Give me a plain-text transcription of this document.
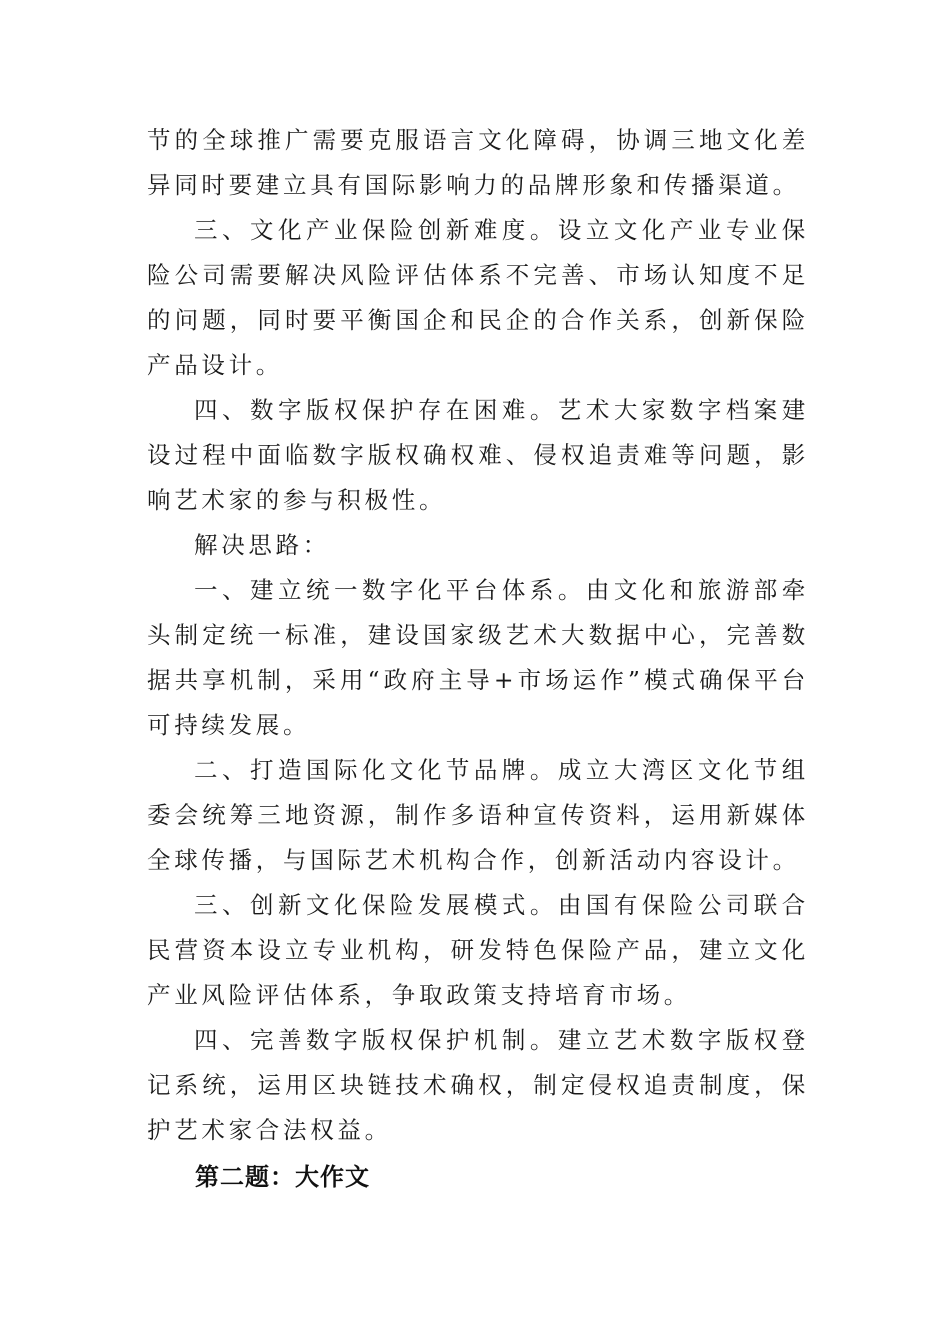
节的全球推广需要克服语言文化障碍，协调三地文化差异同时要建立具有国际影响力的品牌形象和传播渠道。

三、文化产业保险创新难度。设立文化产业专业保险公司需要解决风险评估体系不完善、市场认知度不足的问题，同时要平衡国企和民企的合作关系，创新保险产品设计。

四、数字版权保护存在困难。艺术大家数字档案建设过程中面临数字版权确权难、侵权追责难等问题，影响艺术家的参与积极性。

解决思路：

一、建立统一数字化平台体系。由文化和旅游部牵头制定统一标准，建设国家级艺术大数据中心，完善数据共享机制，采用“政府主导+市场运作”模式确保平台可持续发展。

二、打造国际化文化节品牌。成立大湾区文化节组委会统筹三地资源，制作多语种宣传资料，运用新媒体全球传播，与国际艺术机构合作，创新活动内容设计。

三、创新文化保险发展模式。由国有保险公司联合民营资本设立专业机构，研发特色保险产品，建立文化产业风险评估体系，争取政策支持培育市场。

四、完善数字版权保护机制。建立艺术数字版权登记系统，运用区块链技术确权，制定侵权追责制度，保护艺术家合法权益。

第二题：大作文
